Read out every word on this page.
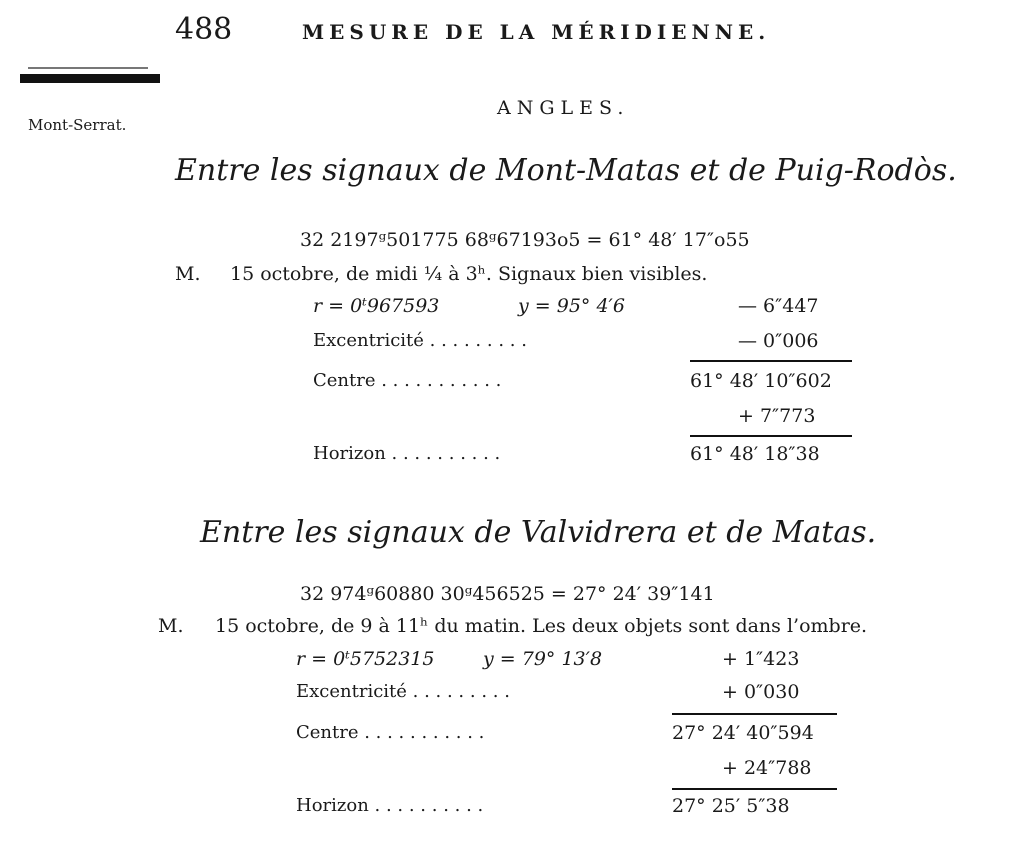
488	MESURE DE LA MÉRIDIENNE.
Mont-Serrat.
ANGLES.
Entre les signaux de Mont-Matas et de Puig-Rodòs.
32 2197ᵍ501775 68ᵍ67193o5 = 61° 48′ 17″o55
M. 15 octobre, de midi ¼ à 3ʰ. Signaux bien visibles.
r = 0ᵗ967593	y = 95° 4′6	— 6″447
Excentricité . . . . . . . . .	— 0″006
Centre . . . . . . . . . . .	61° 48′ 10″602
+ 7″773
Horizon . . . . . . . . . .	61° 48′ 18″38
Entre les signaux de Valvidrera et de Matas.
32 974ᵍ60880 30ᵍ456525 = 27° 24′ 39″141
M. 15 octobre, de 9 à 11ʰ du matin. Les deux objets sont dans l’ombre.
r = 0ᵗ5752315	y = 79° 13′8	+ 1″423
Excentricité . . . . . . . . .	+ 0″030
Centre . . . . . . . . . . .	27° 24′ 40″594
+ 24″788
Horizon . . . . . . . . . .	27° 25′ 5″38
